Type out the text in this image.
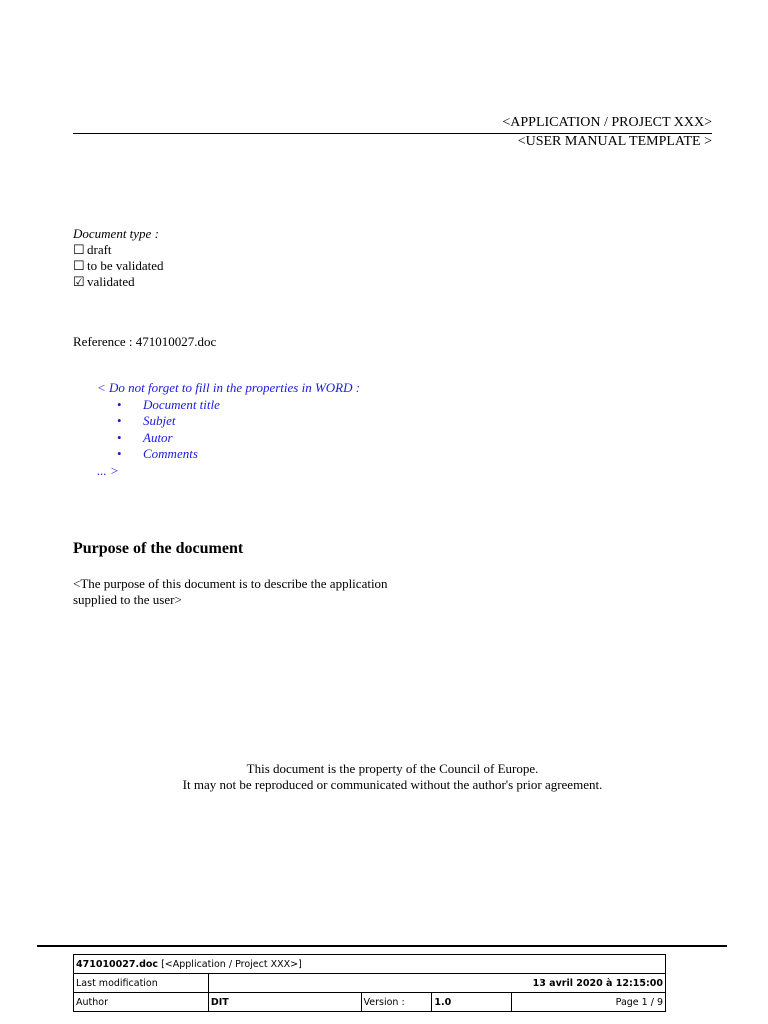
<APPLICATION / PROJECT XXX>
<USER MANUAL TEMPLATE >
Document type :
☐ draft
☐ to be validated
☑ validated
Reference : 471010027.doc
< Do not forget to fill in the properties in WORD :
• Document title
• Subjet
• Autor
• Comments
... >
Purpose of the document
<The purpose of this document is to describe the application supplied to the user>
This document is the property of the Council of Europe.
It may not be reproduced or communicated without the author's prior agreement.
471010027.doc [<Application / Project XXX>]				
Last modification	13 avril 2020 à 12:15:00			
Author	DIT	Version :	1.0	Page 1 / 9
